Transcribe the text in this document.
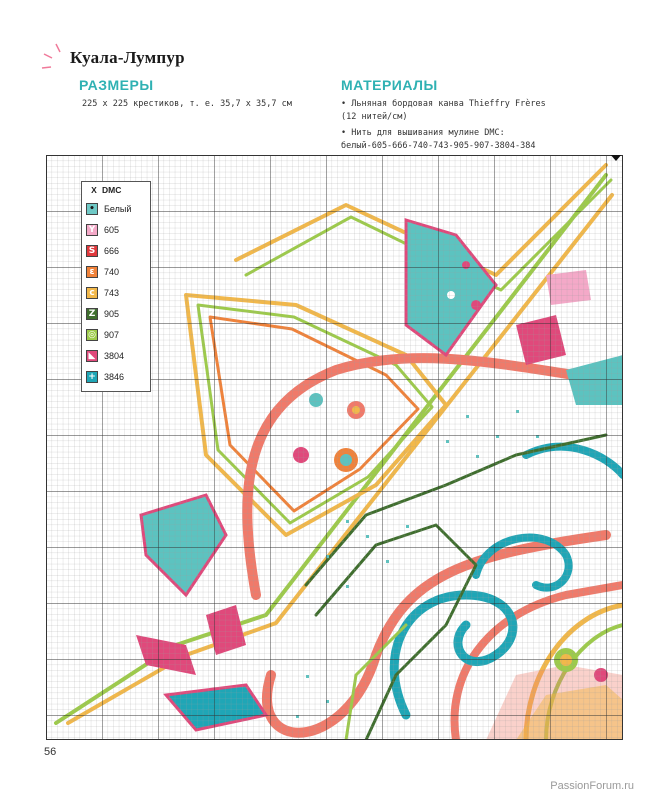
Куала-Лумпур
РАЗМЕРЫ
225 x 225 крестиков, т. е. 35,7 x 35,7 см
МАТЕРИАЛЫ
• Льняная бордовая канва Thieffry Frères
(12 нитей/см)
• Нить для вышивания мулине DMC:
белый-605-666-740-743-905-907-3804-384
X DMC
•	Белый
Y 605
S 666
ε	740
c	743
Z 905
◎ 907
◣ 3804
+ 3846
56
PassionForum.ru
